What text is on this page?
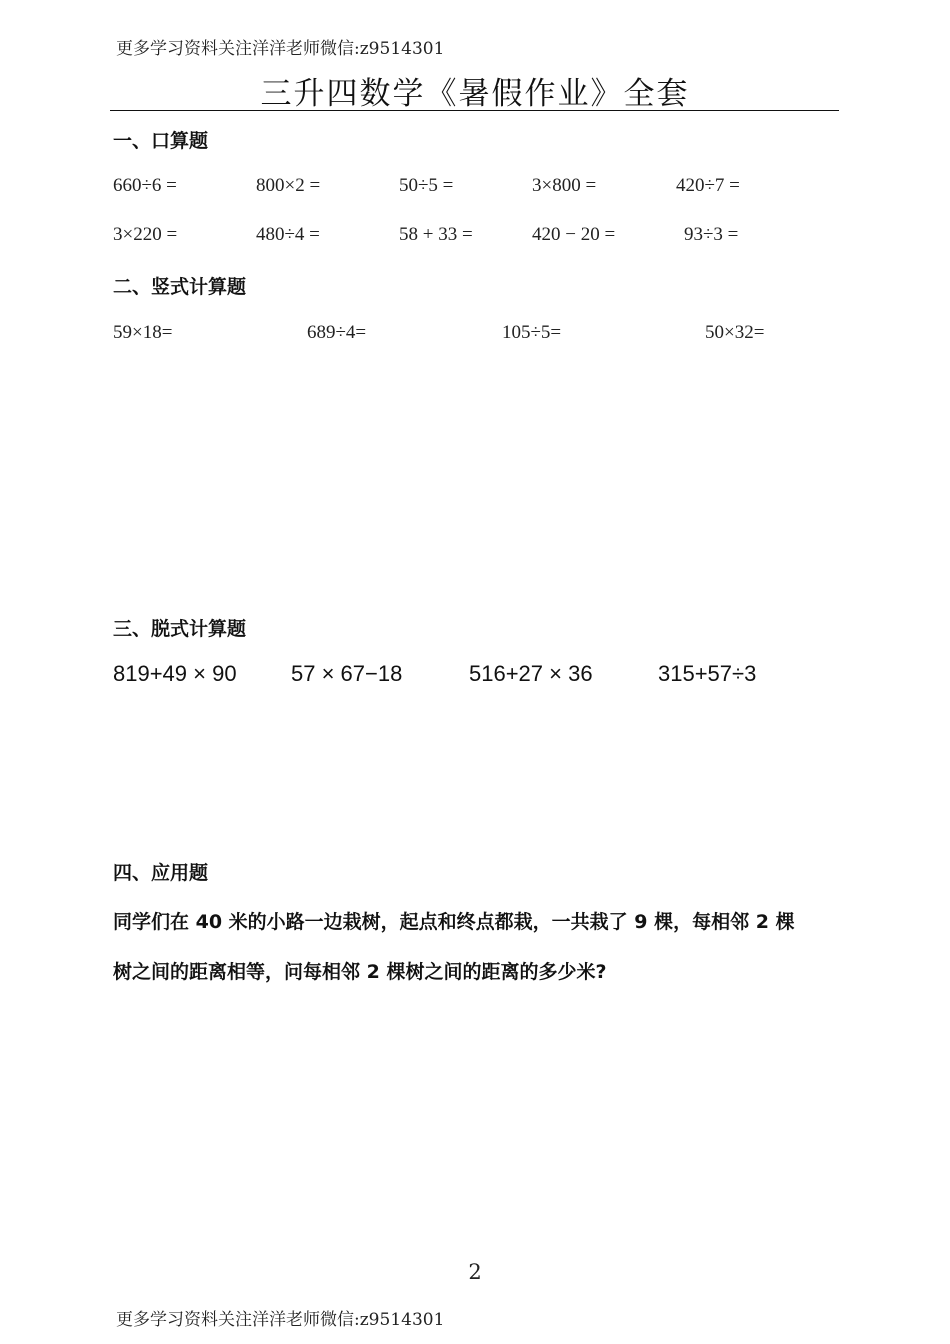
更多学习资料关注洋洋老师微信:z9514301
三升四数学《暑假作业》全套
一、口算题
660÷6 =	800×2 =	50÷5 =	3×800 =	420÷7 =
3×220 =	480÷4 =	58 + 33 =	420 − 20 =	93÷3 =
二、竖式计算题
59×18=	689÷4=	105÷5=	50×32=
三、脱式计算题
819+49 × 90 57 × 67−18	516+27 × 36	315+57÷3
四、应用题
同学们在 40 米的小路一边栽树，起点和终点都栽，一共栽了 9 棵，每相邻 2 棵
树之间的距离相等，问每相邻 2 棵树之间的距离的多少米?
2
更多学习资料关注洋洋老师微信:z9514301
